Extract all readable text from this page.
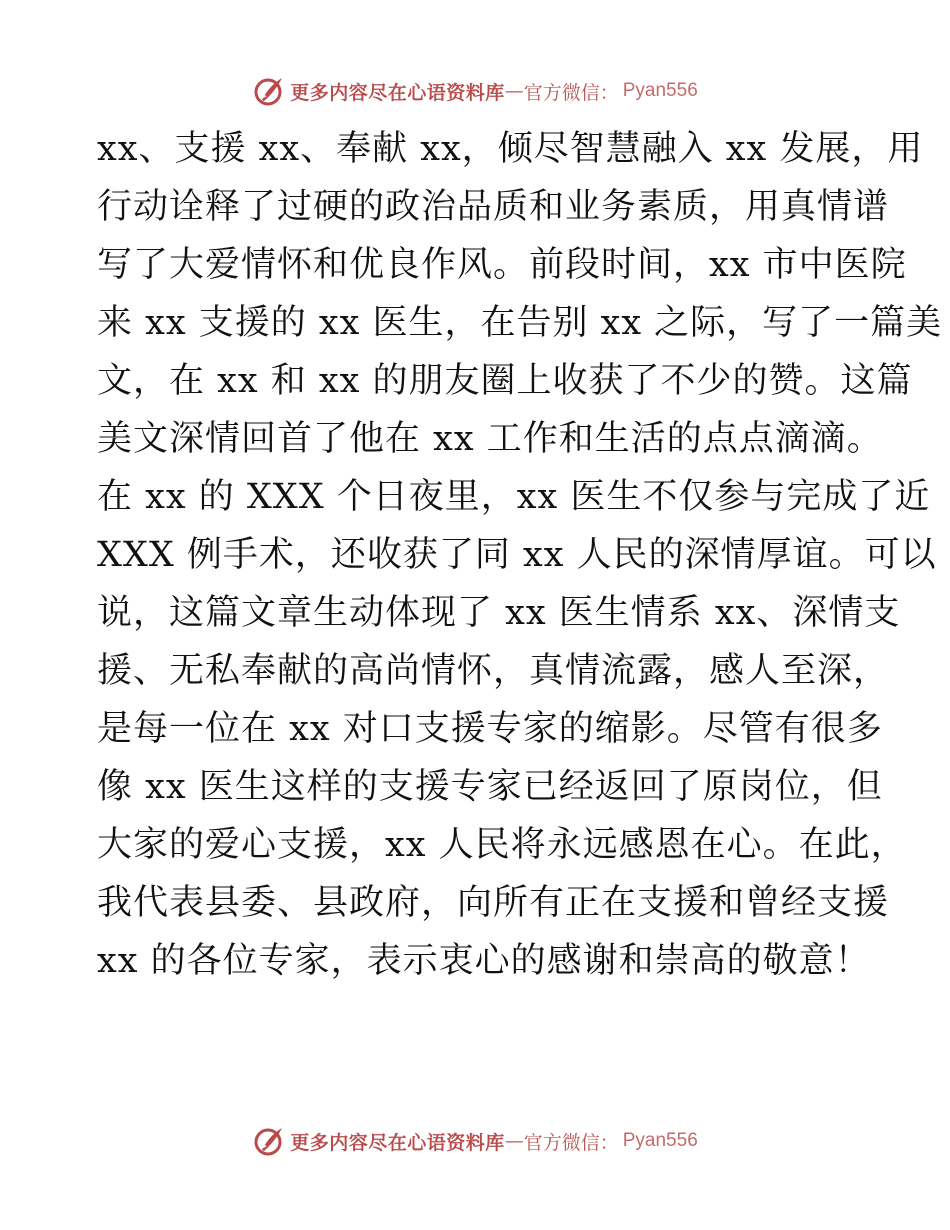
更多内容尽在心语资料库 — 官方微信： Pyan556
xx、支援 xx、奉献 xx，倾尽智慧融入 xx 发展，用
行动诠释了过硬的政治品质和业务素质，用真情谱
写了大爱情怀和优良作风。前段时间，xx 市中医院
来 xx 支援的 xx 医生，在告别 xx 之际，写了一篇美
文，在 xx 和 xx 的朋友圈上收获了不少的赞。这篇
美文深情回首了他在 xx 工作和生活的点点滴滴。
在 xx 的 XXX 个日夜里，xx 医生不仅参与完成了近
XXX 例手术，还收获了同 xx 人民的深情厚谊。可以
说，这篇文章生动体现了 xx 医生情系 xx、深情支
援、无私奉献的高尚情怀，真情流露，感人至深，
是每一位在 xx 对口支援专家的缩影。尽管有很多
像 xx 医生这样的支援专家已经返回了原岗位，但
大家的爱心支援，xx 人民将永远感恩在心。在此，
我代表县委、县政府，向所有正在支援和曾经支援
xx 的各位专家，表示衷心的感谢和崇高的敬意！
更多内容尽在心语资料库 — 官方微信： Pyan556
